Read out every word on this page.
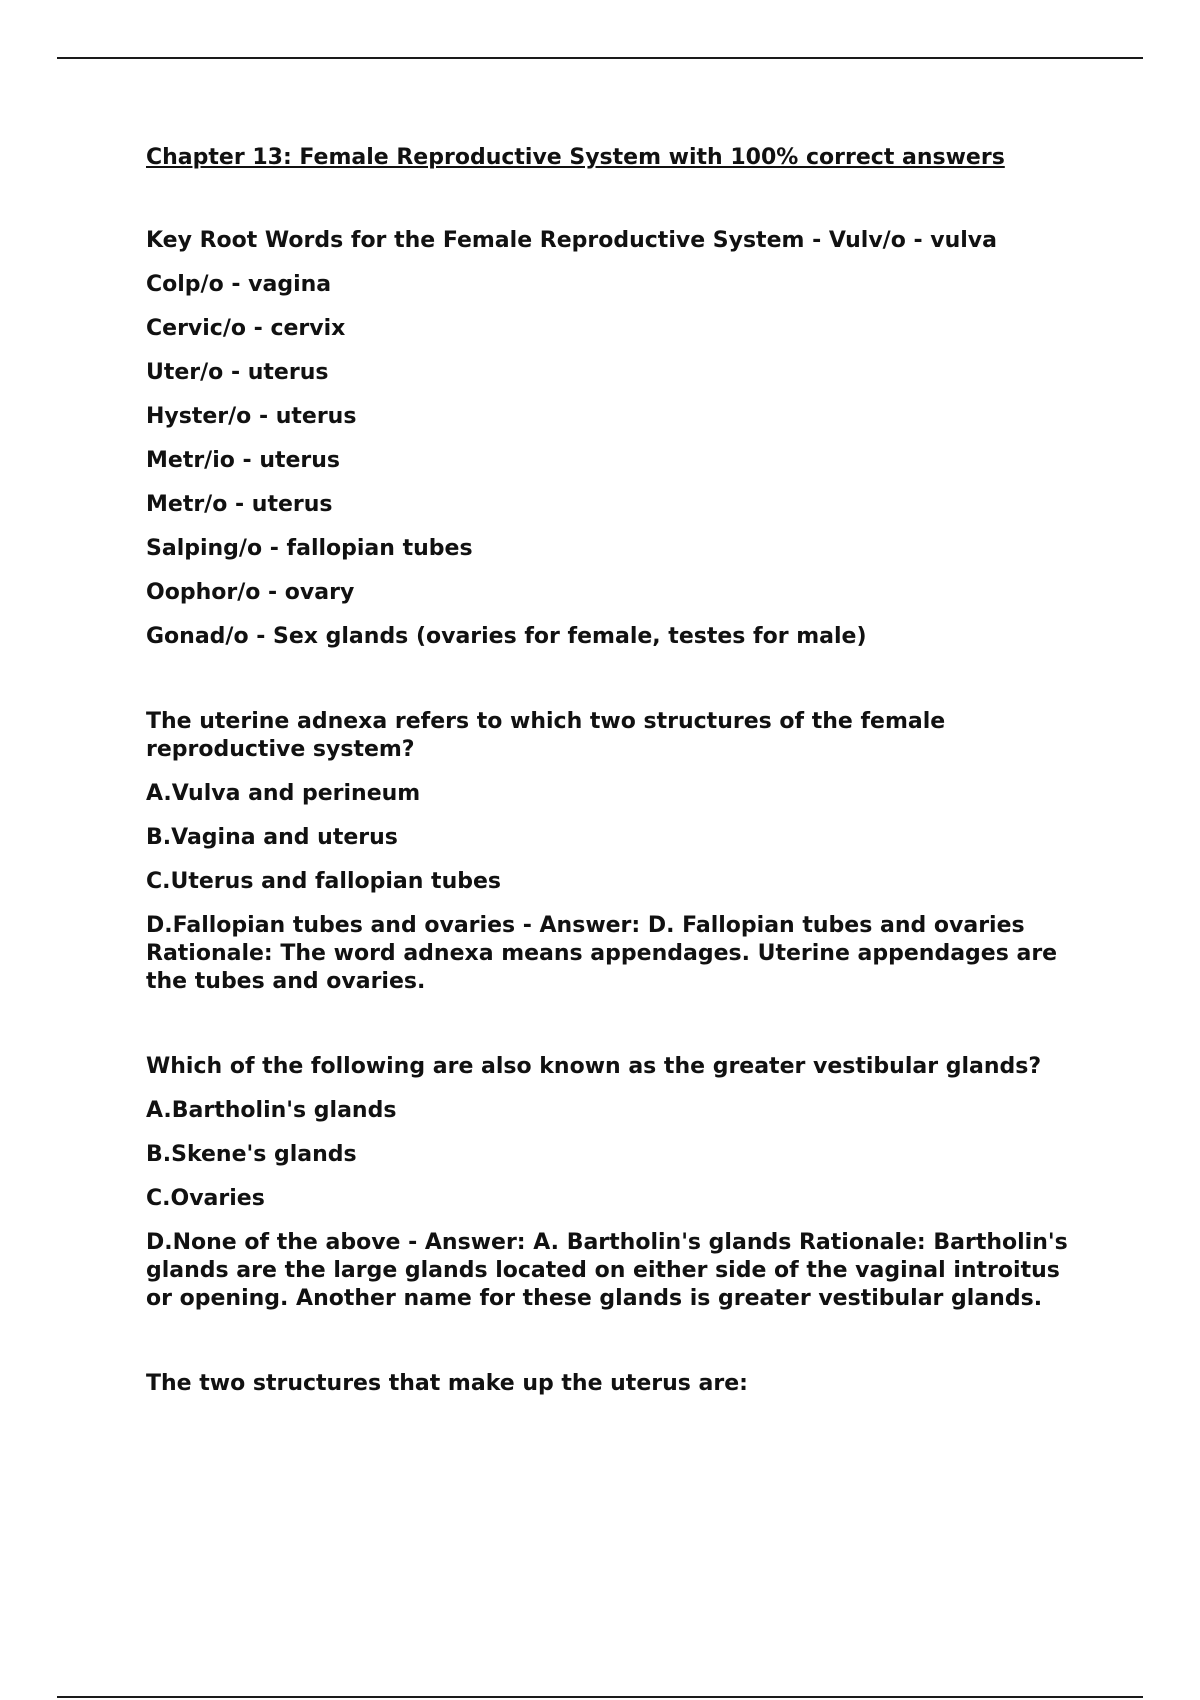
Chapter 13: Female Reproductive System with 100% correct answers

Key Root Words for the Female Reproductive System - Vulv/o - vulva

Colp/o - vagina

Cervic/o - cervix

Uter/o - uterus

Hyster/o - uterus

Metr/io - uterus

Metr/o - uterus

Salping/o - fallopian tubes

Oophor/o - ovary

Gonad/o - Sex glands (ovaries for female, testes for male)

The uterine adnexa refers to which two structures of the female reproductive system?

A.Vulva and perineum

B.Vagina and uterus

C.Uterus and fallopian tubes

D.Fallopian tubes and ovaries - Answer: D. Fallopian tubes and ovaries Rationale: The word adnexa means appendages. Uterine appendages are the tubes and ovaries.

Which of the following are also known as the greater vestibular glands?

A.Bartholin's glands

B.Skene's glands

C.Ovaries

D.None of the above - Answer: A. Bartholin's glands Rationale: Bartholin's glands are the large glands located on either side of the vaginal introitus or opening. Another name for these glands is greater vestibular glands.

The two structures that make up the uterus are:
